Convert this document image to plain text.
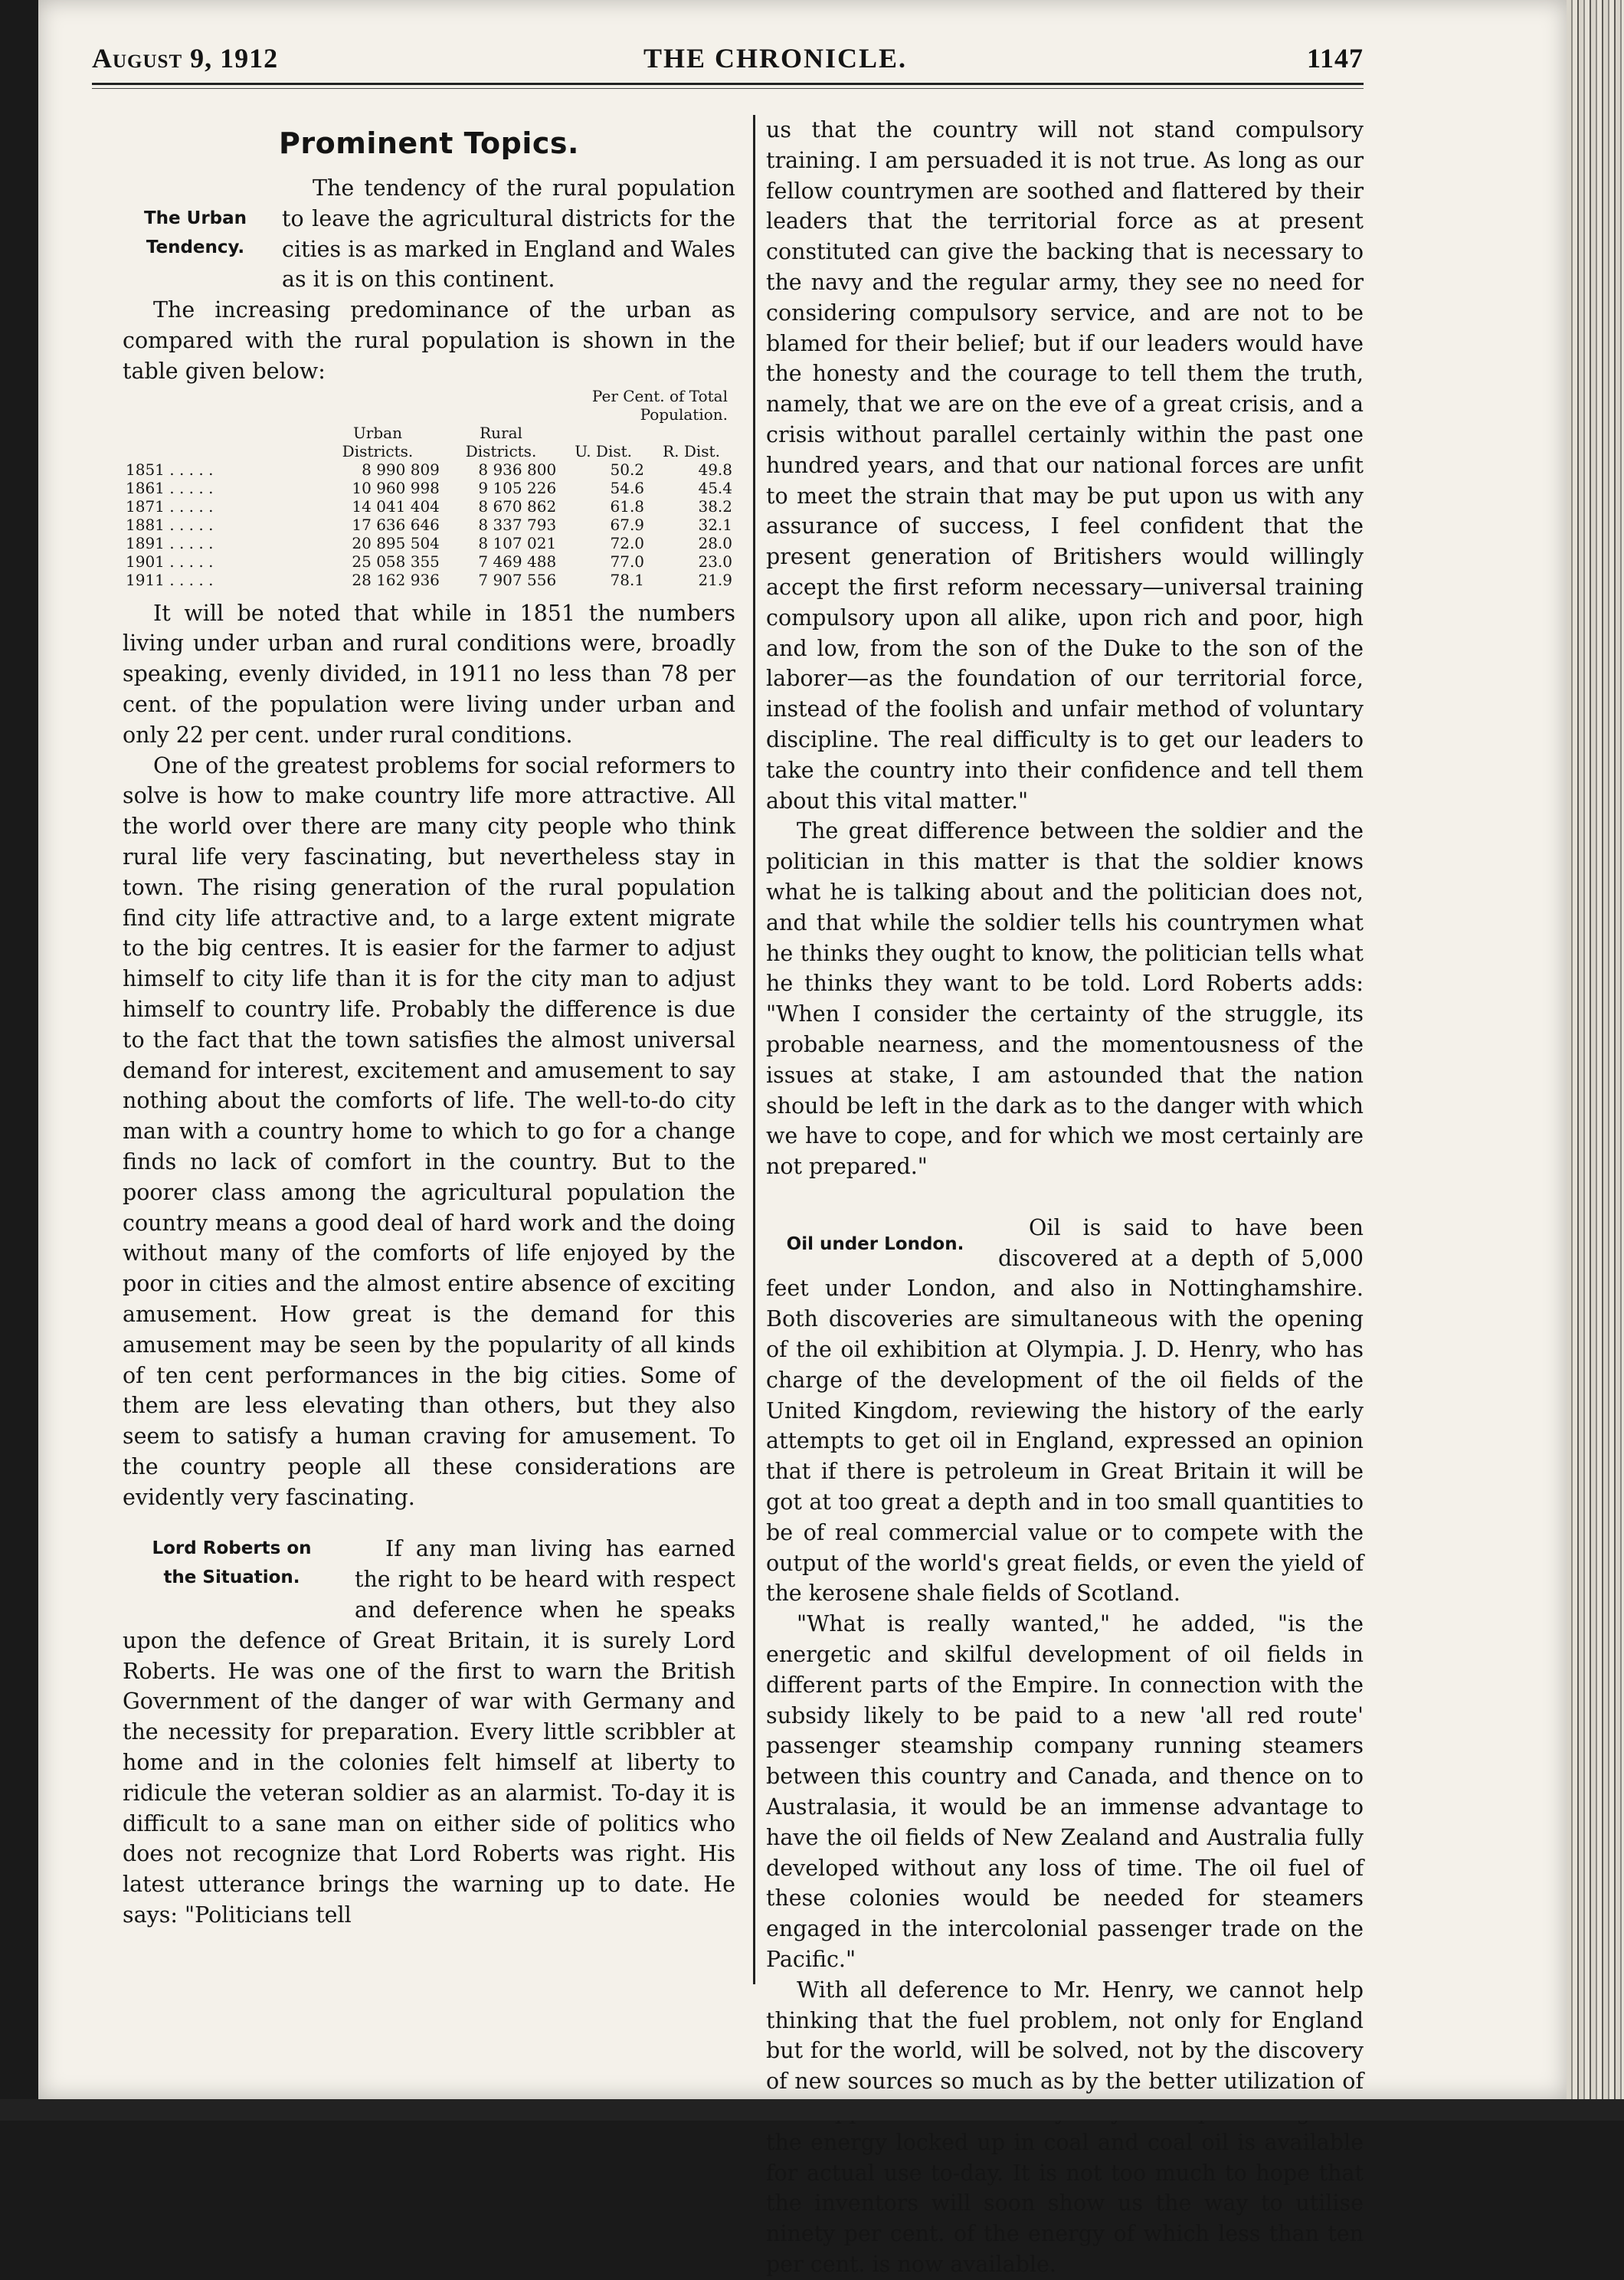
August 9, 1912	THE CHRONICLE.	1147
Prominent Topics.
The Urban
Tendency.

The tendency of the rural population to leave the agricultural districts for the cities is as marked in England and Wales as it is on this continent.

The increasing predominance of the urban as compared with the rural population is shown in the table given below:

Per Cent. of Total
Population.
	Urban
Districts.	Rural
Districts.	U. Dist.	R. Dist.
1851 . . . . .	8 990 809	8 936 800	50.2	49.8
1861 . . . . .	10 960 998	9 105 226	54.6	45.4
1871 . . . . .	14 041 404	8 670 862	61.8	38.2
1881 . . . . .	17 636 646	8 337 793	67.9	32.1
1891 . . . . .	20 895 504	8 107 021	72.0	28.0
1901 . . . . .	25 058 355	7 469 488	77.0	23.0
1911 . . . . .	28 162 936	7 907 556	78.1	21.9

It will be noted that while in 1851 the numbers living under urban and rural conditions were, broadly speaking, evenly divided, in 1911 no less than 78 per cent. of the population were living under urban and only 22 per cent. under rural conditions.

One of the greatest problems for social reformers to solve is how to make country life more attractive. All the world over there are many city people who think rural life very fascinating, but nevertheless stay in town. The rising generation of the rural population find city life attractive and, to a large extent migrate to the big centres. It is easier for the farmer to adjust himself to city life than it is for the city man to adjust himself to country life. Probably the difference is due to the fact that the town satisfies the almost universal demand for interest, excitement and amusement to say nothing about the comforts of life. The well-to-do city man with a country home to which to go for a change finds no lack of comfort in the country. But to the poorer class among the agricultural population the country means a good deal of hard work and the doing without many of the comforts of life enjoyed by the poor in cities and the almost entire absence of exciting amusement. How great is the demand for this amusement may be seen by the popularity of all kinds of ten cent performances in the big cities. Some of them are less elevating than others, but they also seem to satisfy a human craving for amusement. To the country people all these considerations are evidently very fascinating.

Lord Roberts on
the Situation.

If any man living has earned the right to be heard with respect and deference when he speaks upon the defence of Great Britain, it is surely Lord Roberts. He was one of the first to warn the British Government of the danger of war with Germany and the necessity for preparation. Every little scribbler at home and in the colonies felt himself at liberty to ridicule the veteran soldier as an alarmist. To-day it is difficult to a sane man on either side of politics who does not recognize that Lord Roberts was right. His latest utterance brings the warning up to date. He says: "Politicians tell

us that the country will not stand compulsory training. I am persuaded it is not true. As long as our fellow countrymen are soothed and flattered by their leaders that the territorial force as at present constituted can give the backing that is necessary to the navy and the regular army, they see no need for considering compulsory service, and are not to be blamed for their belief; but if our leaders would have the honesty and the courage to tell them the truth, namely, that we are on the eve of a great crisis, and a crisis without parallel certainly within the past one hundred years, and that our national forces are unfit to meet the strain that may be put upon us with any assurance of success, I feel confident that the present generation of Britishers would willingly accept the first reform necessary—universal training compulsory upon all alike, upon rich and poor, high and low, from the son of the Duke to the son of the laborer—as the foundation of our territorial force, instead of the foolish and unfair method of voluntary discipline. The real difficulty is to get our leaders to take the country into their confidence and tell them about this vital matter."

The great difference between the soldier and the politician in this matter is that the soldier knows what he is talking about and the politician does not, and that while the soldier tells his countrymen what he thinks they ought to know, the politician tells what he thinks they want to be told. Lord Roberts adds: "When I consider the certainty of the struggle, its probable nearness, and the momentousness of the issues at stake, I am astounded that the nation should be left in the dark as to the danger with which we have to cope, and for which we most certainly are not prepared."

Oil under London.

Oil is said to have been discovered at a depth of 5,000 feet under London, and also in Nottinghamshire. Both discoveries are simultaneous with the opening of the oil exhibition at Olympia. J. D. Henry, who has charge of the development of the oil fields of the United Kingdom, reviewing the history of the early attempts to get oil in England, expressed an opinion that if there is petroleum in Great Britain it will be got at too great a depth and in too small quantities to be of real commercial value or to compete with the output of the world's great fields, or even the yield of the kerosene shale fields of Scotland.

"What is really wanted," he added, "is the energetic and skilful development of oil fields in different parts of the Empire. In connection with the subsidy likely to be paid to a new 'all red route' passenger steamship company running steamers between this country and Canada, and thence on to Australasia, it would be an immense advantage to have the oil fields of New Zealand and Australia fully developed without any loss of time. The oil fuel of these colonies would be needed for steamers engaged in the intercolonial passenger trade on the Pacific."

With all deference to Mr. Henry, we cannot help thinking that the fuel problem, not only for England but for the world, will be solved, not by the discovery of new sources so much as by the better utilization of the energy locked up in coal and coal oil is available for actual use to-day. It is not too much to hope that the inventors will soon show us the way to utilise ninety per cent. of the energy of which less than ten per cent. is now available.
